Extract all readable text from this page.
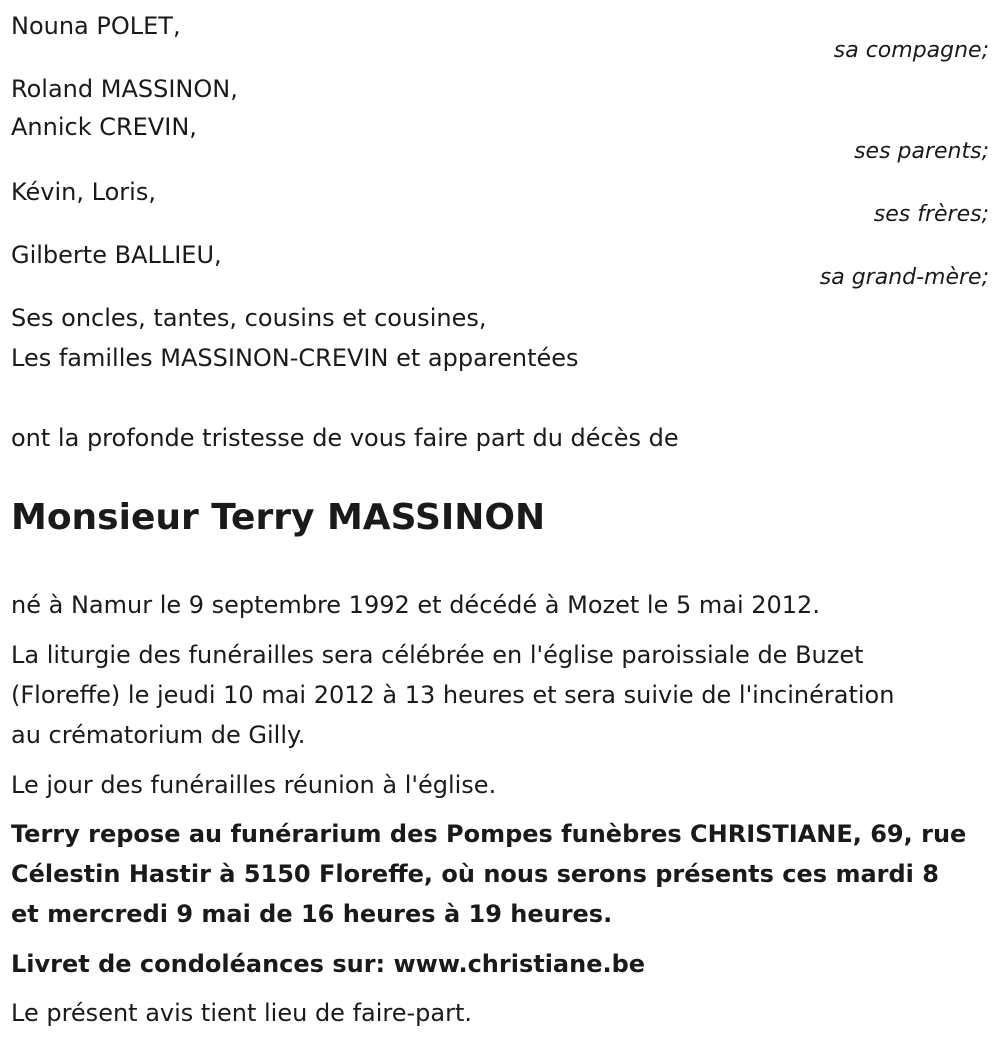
Nouna POLET,
sa compagne;
Roland MASSINON,
Annick CREVIN,
ses parents;
Kévin, Loris,
ses frères;
Gilberte BALLIEU,
sa grand-mère;
Ses oncles, tantes, cousins et cousines,
Les familles MASSINON-CREVIN et apparentées
ont la profonde tristesse de vous faire part du décès de
Monsieur Terry MASSINON
né à Namur le 9 septembre 1992 et décédé à Mozet le 5 mai 2012.
La liturgie des funérailles sera célébrée en l'église paroissiale de Buzet
(Floreffe) le jeudi 10 mai 2012 à 13 heures et sera suivie de l'incinération
au crématorium de Gilly.
Le jour des funérailles réunion à l'église.
Terry repose au funérarium des Pompes funèbres CHRISTIANE, 69, rue
Célestin Hastir à 5150 Floreffe, où nous serons présents ces mardi 8
et mercredi 9 mai de 16 heures à 19 heures.
Livret de condoléances sur: www.christiane.be
Le présent avis tient lieu de faire-part.
